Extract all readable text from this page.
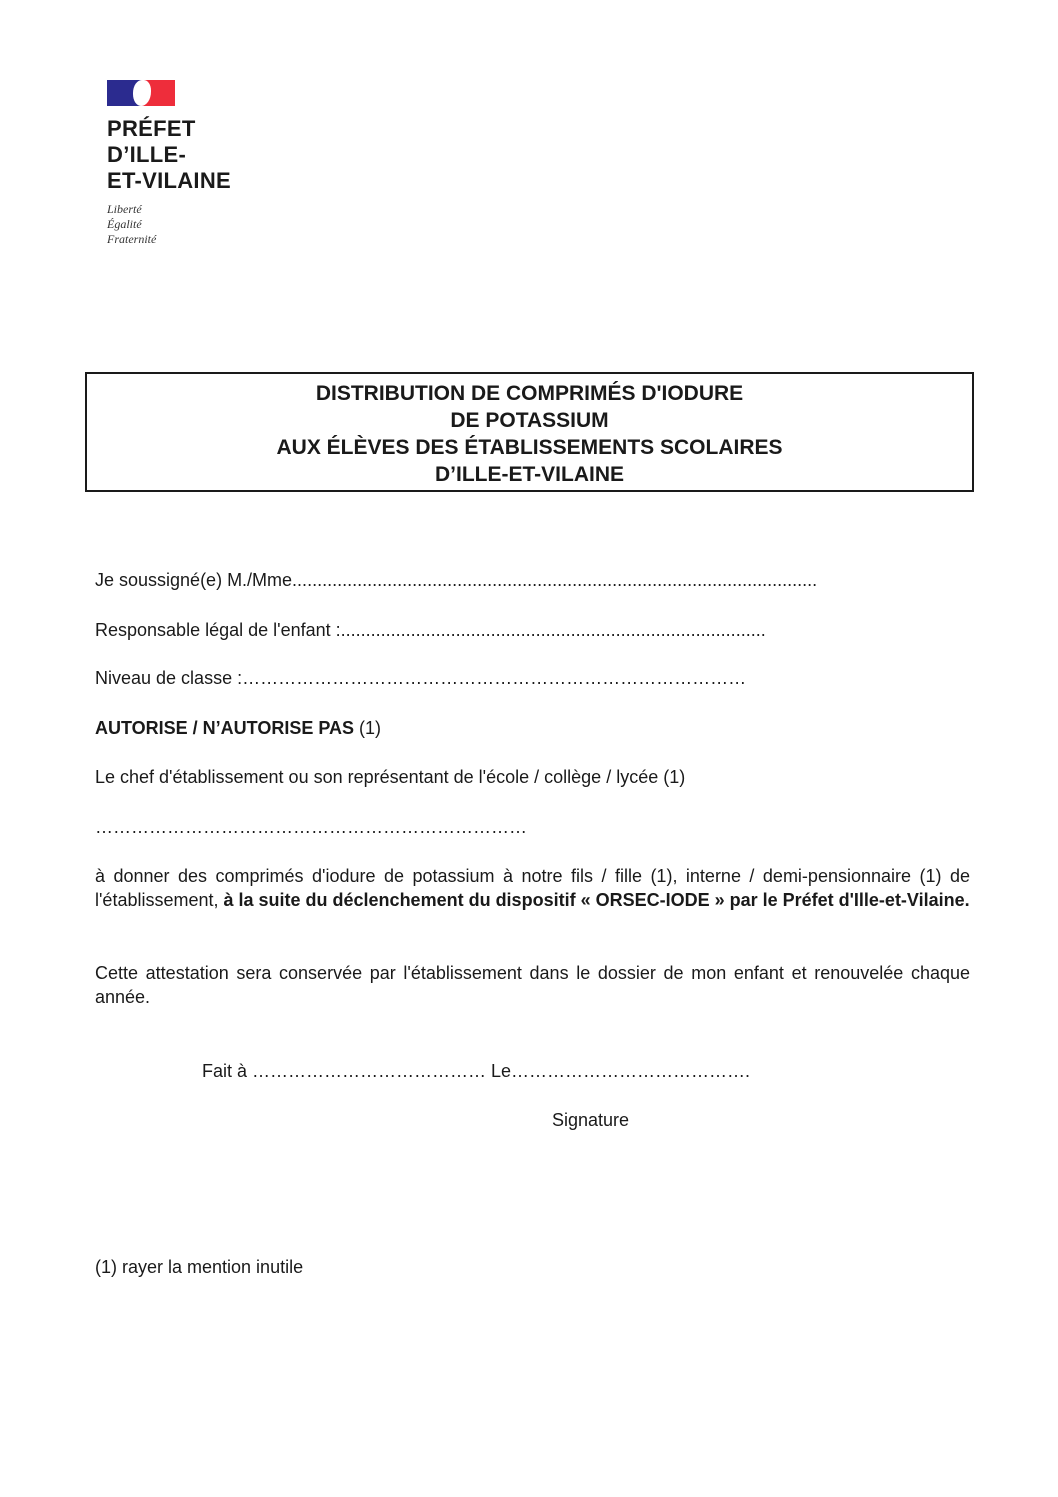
PRÉFET
D’ILLE-
ET-VILAINE
Liberté
Égalité
Fraternité
DISTRIBUTION DE COMPRIMÉS D'IODURE
DE POTASSIUM
AUX ÉLÈVES DES ÉTABLISSEMENTS SCOLAIRES
D’ILLE-ET-VILAINE
Je soussigné(e) M./Mme.........................................................................................................
Responsable légal de l'enfant :.....................................................................................
Niveau de classe :…………………………………………………………………………
AUTORISE / N’AUTORISE PAS (1)
Le chef d'établissement ou son représentant de l'école / collège / lycée (1)
………………………………………………………………
à donner des comprimés d'iodure de potassium à notre fils / fille (1), interne / demi-pensionnaire (1) de l'établissement, à la suite du déclenchement du dispositif « ORSEC-IODE » par le Préfet d'Ille-et-Vilaine.
Cette attestation sera conservée par l'établissement dans le dossier de mon enfant et renouvelée chaque année.
Fait à ………………………………… Le………………………………….
Signature
(1) rayer la mention inutile
